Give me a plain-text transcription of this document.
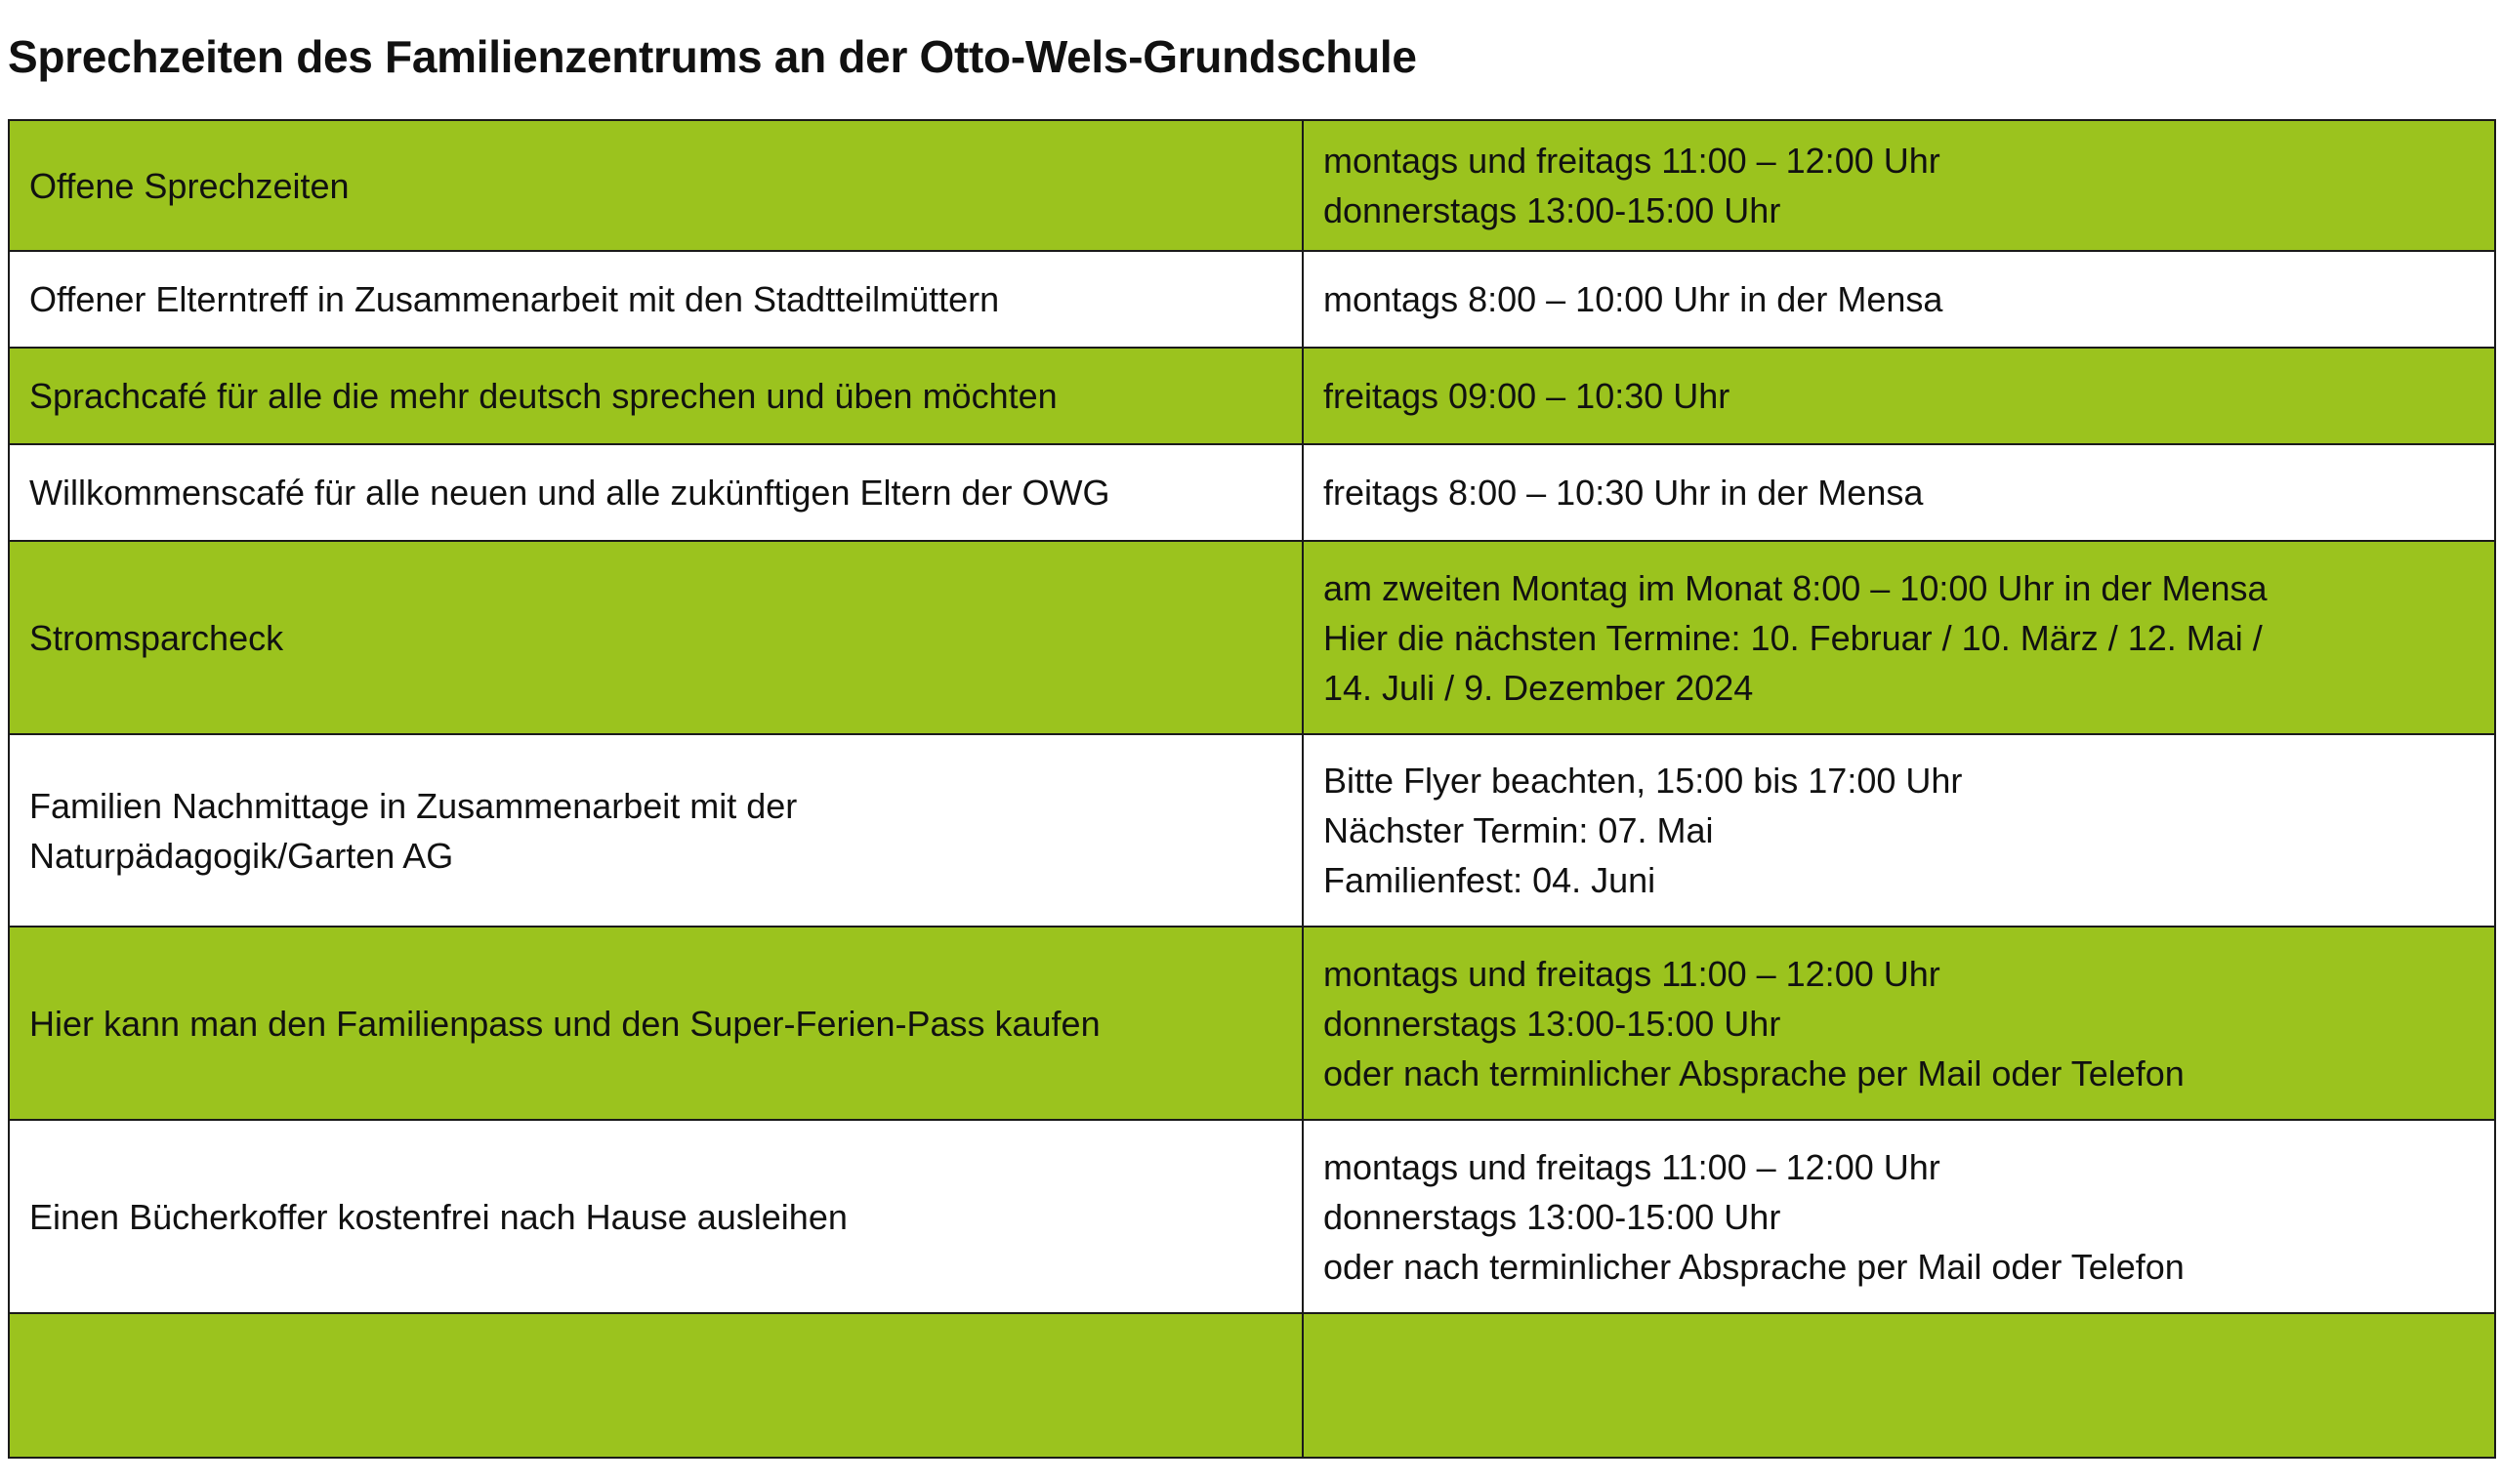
Sprechzeiten des Familienzentrums an der Otto-Wels-Grundschule
Offene Sprechzeiten	montags und freitags 11:00 – 12:00 Uhr
donnerstags 13:00-15:00 Uhr

Offener Elterntreff in Zusammenarbeit mit den Stadtteilmüttern	montags 8:00 – 10:00 Uhr in der Mensa

Sprachcafé für alle die mehr deutsch sprechen und üben möchten	freitags 09:00 – 10:30 Uhr

Willkommenscafé für alle neuen und alle zukünftigen Eltern der OWG	freitags 8:00 – 10:30 Uhr in der Mensa

Stromsparcheck	am zweiten Montag im Monat 8:00 – 10:00 Uhr in der Mensa
Hier die nächsten Termine: 10. Februar / 10. März / 12. Mai /
14. Juli / 9. Dezember 2024

Familien Nachmittage in Zusammenarbeit mit der
Naturpädagogik/Garten AG	Bitte Flyer beachten, 15:00 bis 17:00 Uhr
Nächster Termin: 07. Mai
Familienfest: 04. Juni

Hier kann man den Familienpass und den Super-Ferien-Pass kaufen	montags und freitags 11:00 – 12:00 Uhr
donnerstags 13:00-15:00 Uhr
oder nach terminlicher Absprache per Mail oder Telefon

Einen Bücherkoffer kostenfrei nach Hause ausleihen	montags und freitags 11:00 – 12:00 Uhr
donnerstags 13:00-15:00 Uhr
oder nach terminlicher Absprache per Mail oder Telefon
